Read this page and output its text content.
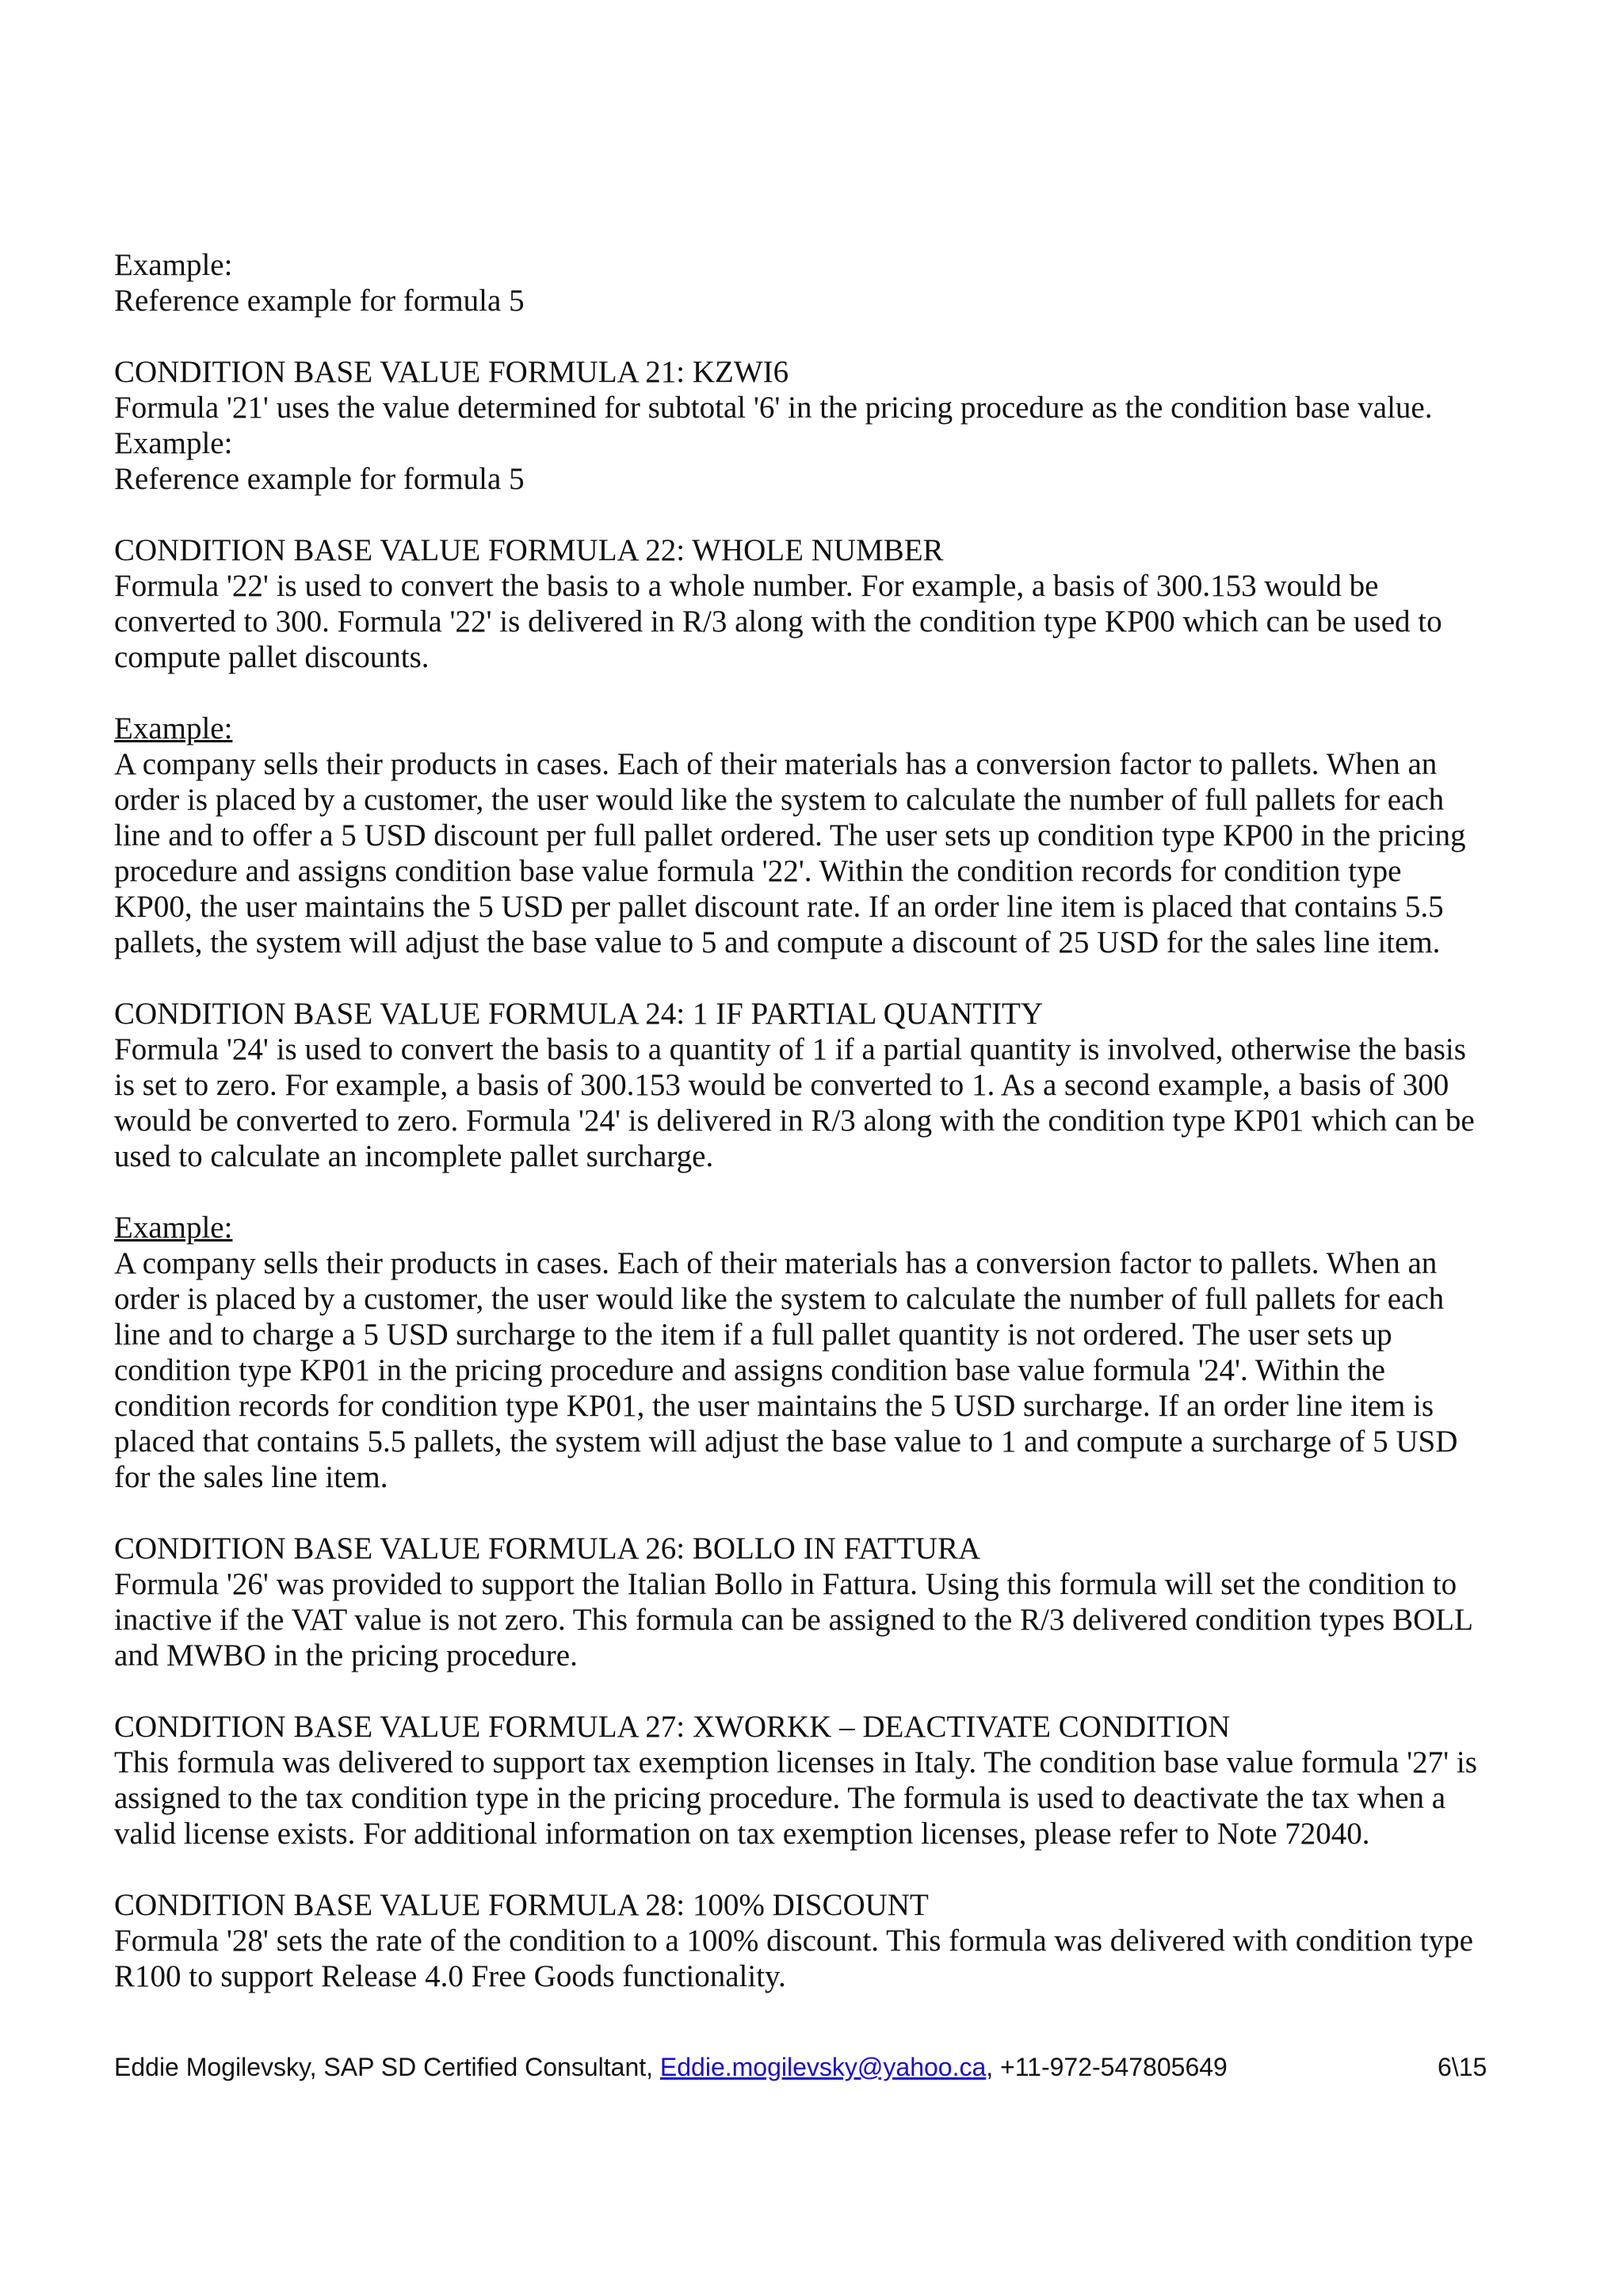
Example:

Reference example for formula 5

CONDITION BASE VALUE FORMULA 21: KZWI6

Formula '21' uses the value determined for subtotal '6' in the pricing procedure as the condition base value.

Example:

Reference example for formula 5

CONDITION BASE VALUE FORMULA 22: WHOLE NUMBER

Formula '22' is used to convert the basis to a whole number. For example, a basis of 300.153 would be

converted to 300. Formula '22' is delivered in R/3 along with the condition type KP00 which can be used to

compute pallet discounts.

Example:

A company sells their products in cases. Each of their materials has a conversion factor to pallets. When an

order is placed by a customer, the user would like the system to calculate the number of full pallets for each

line and to offer a 5 USD discount per full pallet ordered. The user sets up condition type KP00 in the pricing

procedure and assigns condition base value formula '22'. Within the condition records for condition type

KP00, the user maintains the 5 USD per pallet discount rate. If an order line item is placed that contains 5.5

pallets, the system will adjust the base value to 5 and compute a discount of 25 USD for the sales line item.

CONDITION BASE VALUE FORMULA 24: 1 IF PARTIAL QUANTITY

Formula '24' is used to convert the basis to a quantity of 1 if a partial quantity is involved, otherwise the basis

is set to zero. For example, a basis of 300.153 would be converted to 1. As a second example, a basis of 300

would be converted to zero. Formula '24' is delivered in R/3 along with the condition type KP01 which can be

used to calculate an incomplete pallet surcharge.

Example:

A company sells their products in cases. Each of their materials has a conversion factor to pallets. When an

order is placed by a customer, the user would like the system to calculate the number of full pallets for each

line and to charge a 5 USD surcharge to the item if a full pallet quantity is not ordered. The user sets up

condition type KP01 in the pricing procedure and assigns condition base value formula '24'. Within the

condition records for condition type KP01, the user maintains the 5 USD surcharge. If an order line item is

placed that contains 5.5 pallets, the system will adjust the base value to 1 and compute a surcharge of 5 USD

for the sales line item.

CONDITION BASE VALUE FORMULA 26: BOLLO IN FATTURA

Formula '26' was provided to support the Italian Bollo in Fattura. Using this formula will set the condition to

inactive if the VAT value is not zero. This formula can be assigned to the R/3 delivered condition types BOLL

and MWBO in the pricing procedure.

CONDITION BASE VALUE FORMULA 27: XWORKK – DEACTIVATE CONDITION

This formula was delivered to support tax exemption licenses in Italy. The condition base value formula '27' is

assigned to the tax condition type in the pricing procedure. The formula is used to deactivate the tax when a

valid license exists. For additional information on tax exemption licenses, please refer to Note 72040.

CONDITION BASE VALUE FORMULA 28: 100% DISCOUNT

Formula '28' sets the rate of the condition to a 100% discount. This formula was delivered with condition type

R100 to support Release 4.0 Free Goods functionality.

Eddie Mogilevsky, SAP SD Certified Consultant, Eddie.mogilevsky@yahoo.ca, +11-972-547805649	6\15
